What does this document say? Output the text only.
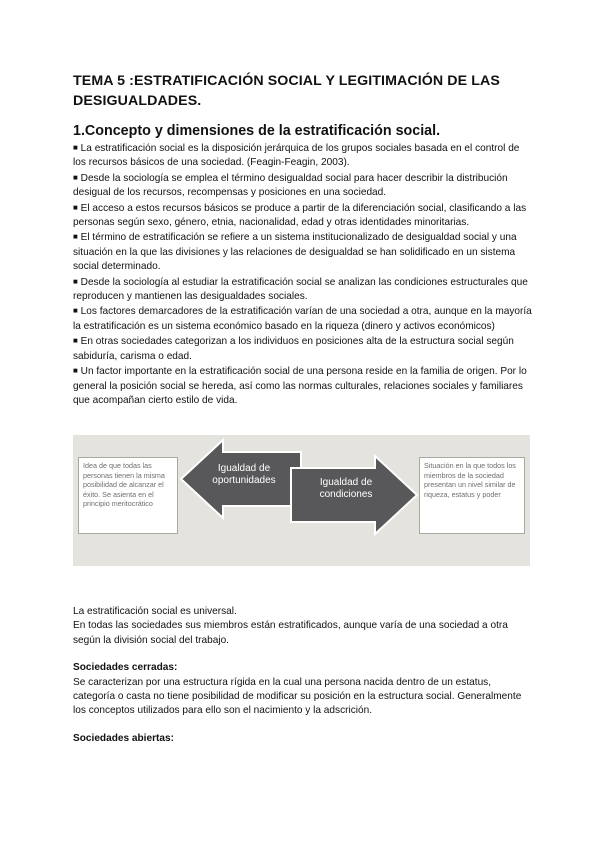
TEMA 5 :ESTRATIFICACIÓN SOCIAL Y LEGITIMACIÓN DE LAS DESIGUALDADES.
1.Concepto y dimensiones de la estratificación social.

■ La estratificación social es la disposición jerárquica de los grupos sociales basada en el control de los recursos básicos de una sociedad. (Feagin-Feagin, 2003).

■ Desde la sociología se emplea el término desigualdad social para hacer describir la distribución desigual de los recursos, recompensas y posiciones en una sociedad.

■ El acceso a estos recursos básicos se produce a partir de la diferenciación social, clasificando a las personas según sexo, género, etnia, nacionalidad, edad y otras identidades minoritarias.

■ El término de estratificación se refiere a un sistema institucionalizado de desigualdad social y una situación en la que las divisiones y las relaciones de desigualdad se han solidificado en un sistema social determinado.

■ Desde la sociología al estudiar la estratificación social se analizan las condiciones estructurales que reproducen y mantienen las desigualdades sociales.

■ Los factores demarcadores de la estratificación varían de una sociedad a otra, aunque en la mayoría la estratificación es un sistema económico basado en la riqueza (dinero y activos económicos)

■ En otras sociedades categorizan a los individuos en posiciones alta de la estructura social según sabiduría, carisma o edad.

■ Un factor importante en la estratificación social de una persona reside en la familia de origen. Por lo general la posición social se hereda, así como las normas culturales, relaciones sociales y familiares que acompañan cierto estilo de vida.

Idea de que todas las personas tienen la misma posibilidad de alcanzar el éxito. Se asienta en el principio meritocrático
Igualdad de oportunidades	Igualdad de condiciones
Situación en la que todos los miembros de la sociedad presentan un nivel similar de riqueza, estatus y poder

La estratificación social es universal.

En todas las sociedades sus miembros están estratificados, aunque varía de una sociedad a otra según la división social del trabajo.

Sociedades cerradas:

Se caracterizan por una estructura rígida en la cual una persona nacida dentro de un estatus, categoría o casta no tiene posibilidad de modificar su posición en la estructura social. Generalmente los conceptos utilizados para ello son el nacimiento y la adscrición.

Sociedades abiertas:
